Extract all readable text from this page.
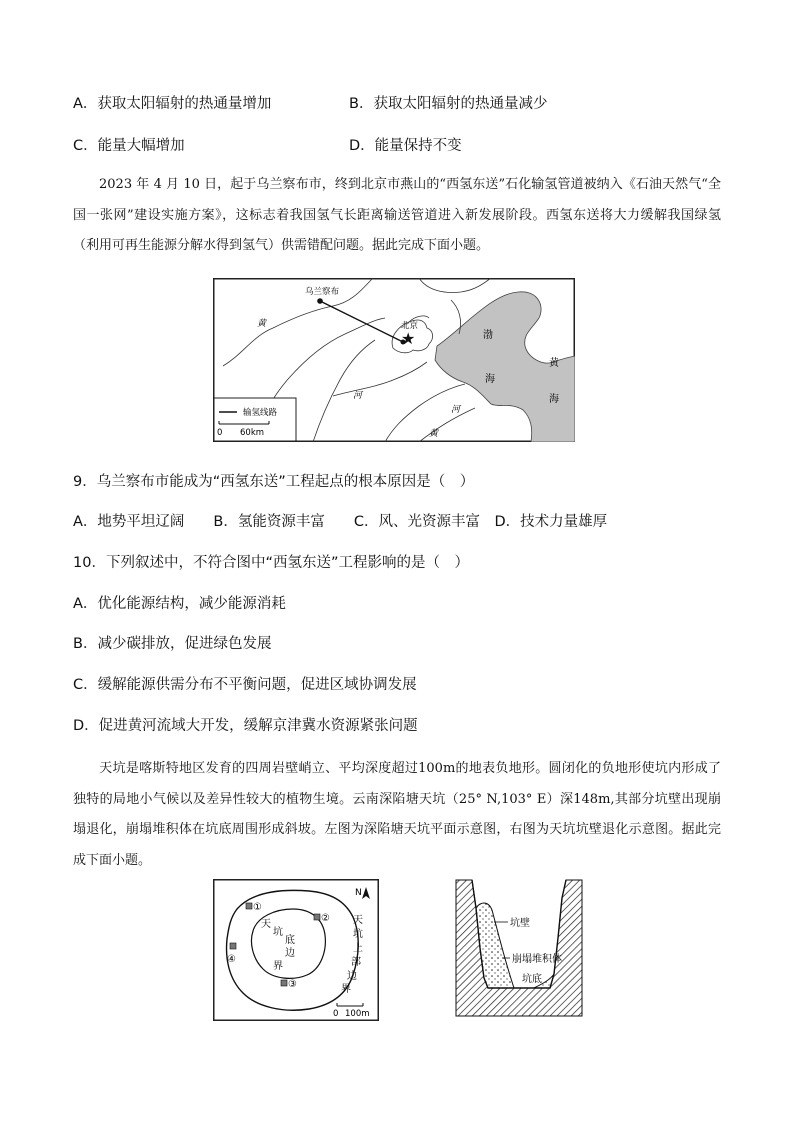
A．获取太阳辐射的热通量增加	B．获取太阳辐射的热通量减少
C．能量大幅增加	D．能量保持不变
2023 年 4 月 10 日，起于乌兰察布市，终到北京市燕山的“西氢东送”石化输氢管道被纳入《石油天然气“全国一张网”建设实施方案》，这标志着我国氢气长距离输送管道进入新发展阶段。西氢东送将大力缓解我国绿氢（利用可再生能源分解水得到氢气）供需错配问题。据此完成下面小题。
★
乌兰察布
北京
黄
河
河
黄
渤
海
黄
海
输氢线路
0 60km
9．乌兰察布市能成为“西氢东送”工程起点的根本原因是（　）
A．地势平坦辽阔　　B．氢能资源丰富　　C．风、光资源丰富　D．技术力量雄厚
10．下列叙述中，不符合图中“西氢东送”工程影响的是（　）
A．优化能源结构，减少能源消耗
B．减少碳排放，促进绿色发展
C．缓解能源供需分布不平衡问题，促进区域协调发展
D．促进黄河流域大开发，缓解京津冀水资源紧张问题
天坑是喀斯特地区发育的四周岩壁峭立、平均深度超过100m的地表负地形。圆闭化的负地形使坑内形成了独特的局地小气候以及差异性较大的植物生境。云南深陷塘天坑（25° N,103° E）深148m,其部分坑壁出现崩塌退化，崩塌堆积体在坑底周围形成斜坡。左图为深陷塘天坑平面示意图，右图为天坑坑壁退化示意图。据此完成下面小题。
①
②
④
③
天
坑
底
边
界
天
坑
上
部
边
界
N
0 100m
坑壁
崩塌堆积体
坑底
